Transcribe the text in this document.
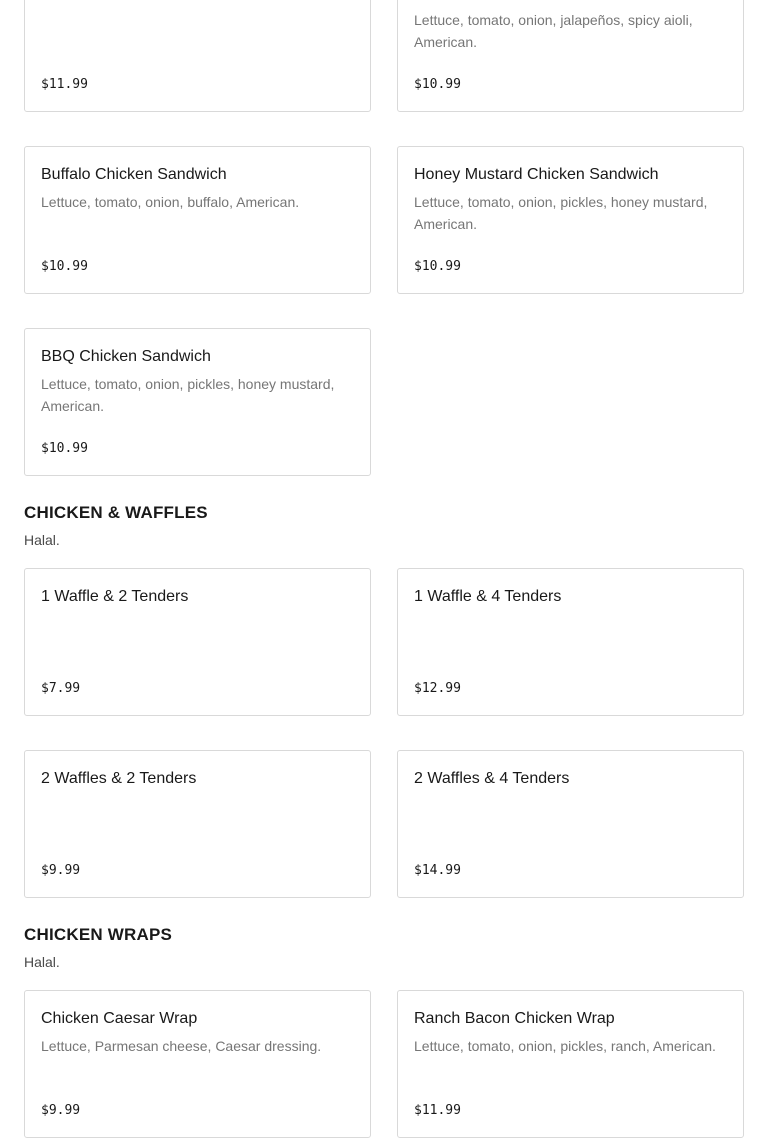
$11.99
Lettuce, tomato, onion, jalapeños, spicy aioli, American.
$10.99
Buffalo Chicken Sandwich
Lettuce, tomato, onion, buffalo, American.
$10.99
Honey Mustard Chicken Sandwich
Lettuce, tomato, onion, pickles, honey mustard, American.
$10.99
BBQ Chicken Sandwich
Lettuce, tomato, onion, pickles, honey mustard, American.
$10.99
CHICKEN & WAFFLES
Halal.
1 Waffle & 2 Tenders
$7.99
1 Waffle & 4 Tenders
$12.99
2 Waffles & 2 Tenders
$9.99
2 Waffles & 4 Tenders
$14.99
CHICKEN WRAPS
Halal.
Chicken Caesar Wrap
Lettuce, Parmesan cheese, Caesar dressing.
$9.99
Ranch Bacon Chicken Wrap
Lettuce, tomato, onion, pickles, ranch, American.
$11.99
